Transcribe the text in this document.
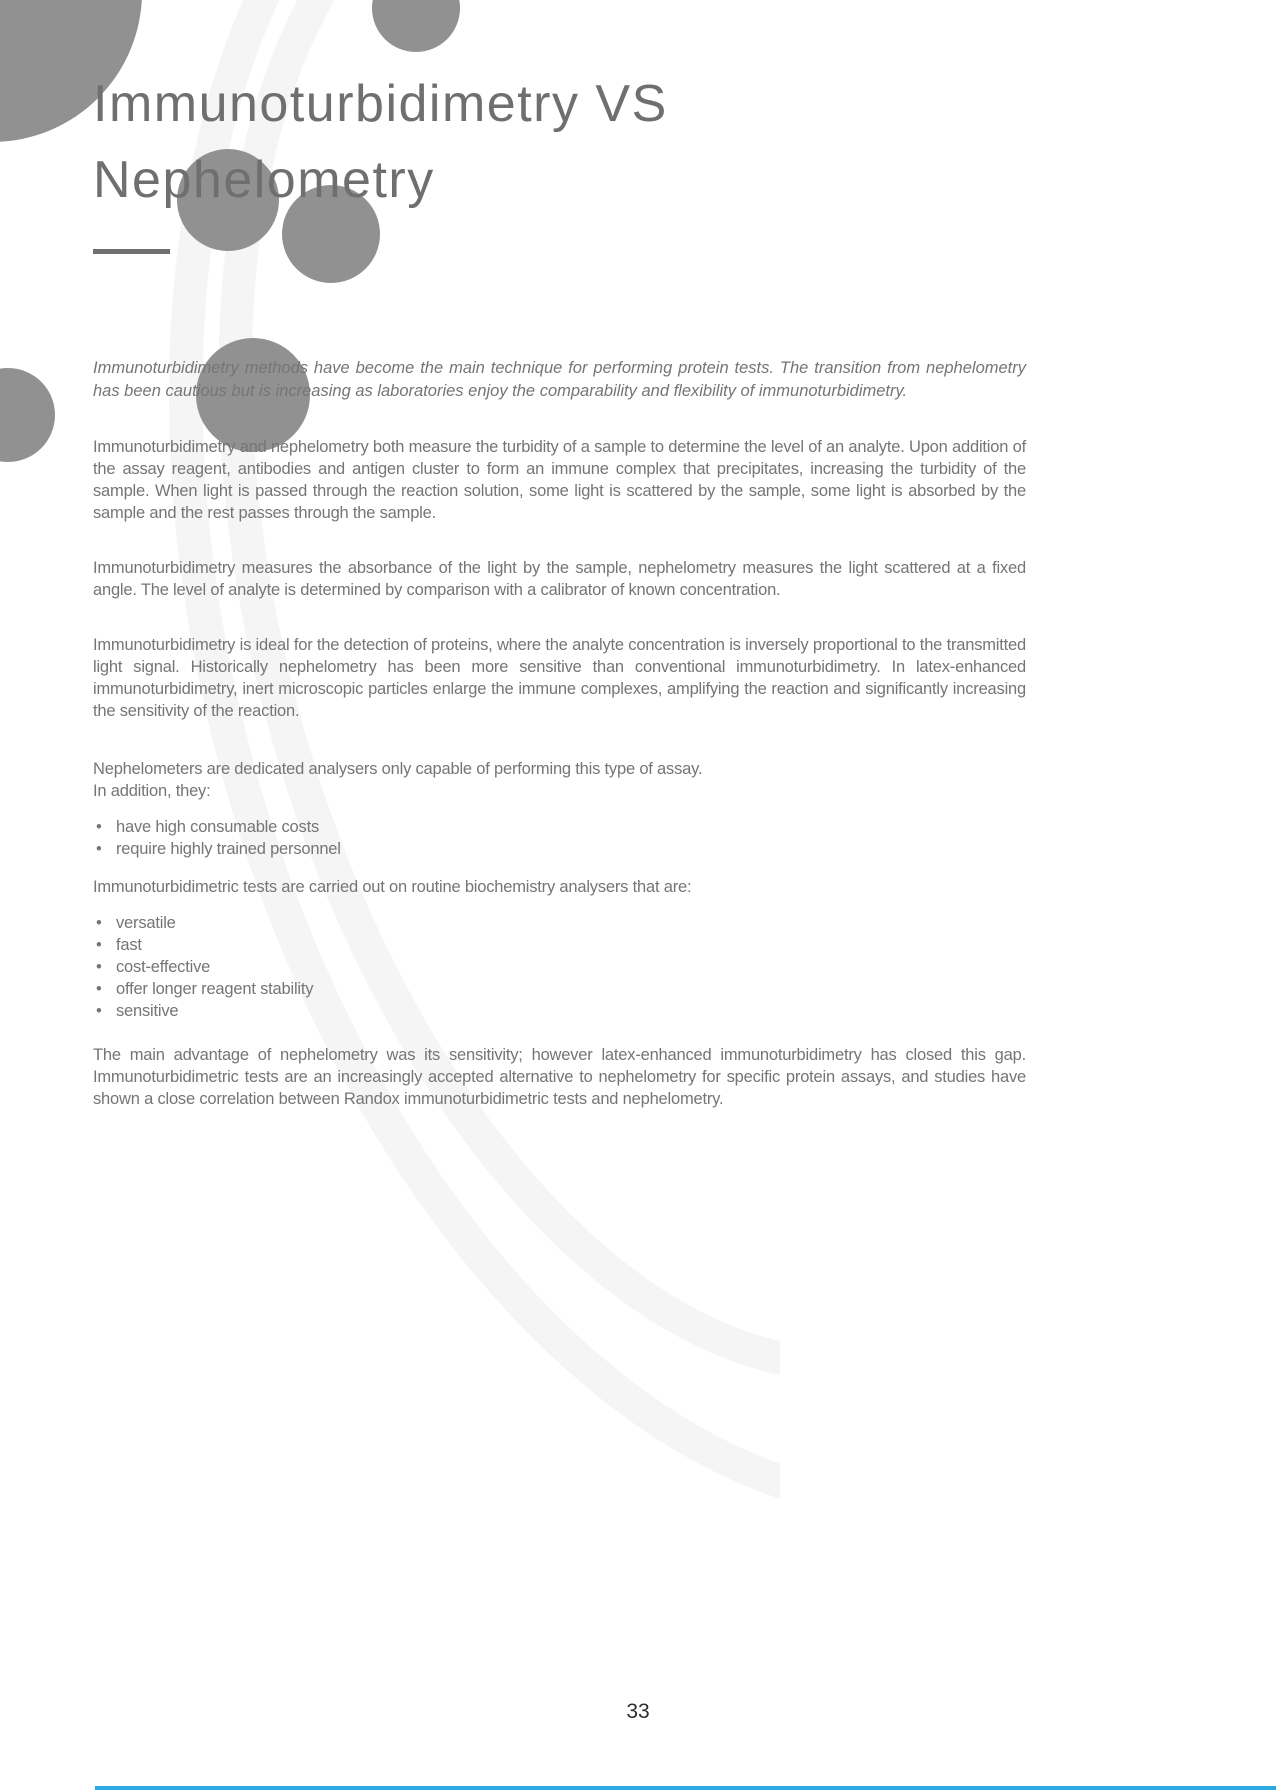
Immunoturbidimetry VS
Nephelometry

Immunoturbidimetry methods have become the main technique for performing protein tests. The transition from nephelometry has been cautious but is increasing as laboratories enjoy the comparability and flexibility of immunoturbidimetry.

Immunoturbidimetry and nephelometry both measure the turbidity of a sample to determine the level of an analyte. Upon addition of the assay reagent, antibodies and antigen cluster to form an immune complex that precipitates, increasing the turbidity of the sample. When light is passed through the reaction solution, some light is scattered by the sample, some light is absorbed by the sample and the rest passes through the sample.

Immunoturbidimetry measures the absorbance of the light by the sample, nephelometry measures the light scattered at a fixed angle. The level of analyte is determined by comparison with a calibrator of known concentration.

Immunoturbidimetry is ideal for the detection of proteins, where the analyte concentration is inversely proportional to the transmitted light signal. Historically nephelometry has been more sensitive than conventional immunoturbidimetry. In latex-enhanced immunoturbidimetry, inert microscopic particles enlarge the immune complexes, amplifying the reaction and significantly increasing the sensitivity of the reaction.

Nephelometers are dedicated analysers only capable of performing this type of assay.
In addition, they:

• have high consumable costs
• require highly trained personnel

Immunoturbidimetric tests are carried out on routine biochemistry analysers that are:

• versatile
• fast
• cost-effective
• offer longer reagent stability
• sensitive

The main advantage of nephelometry was its sensitivity; however latex-enhanced immunoturbidimetry has closed this gap. Immunoturbidimetric tests are an increasingly accepted alternative to nephelometry for specific protein assays, and studies have shown a close correlation between Randox immunoturbidimetric tests and nephelometry.

33
